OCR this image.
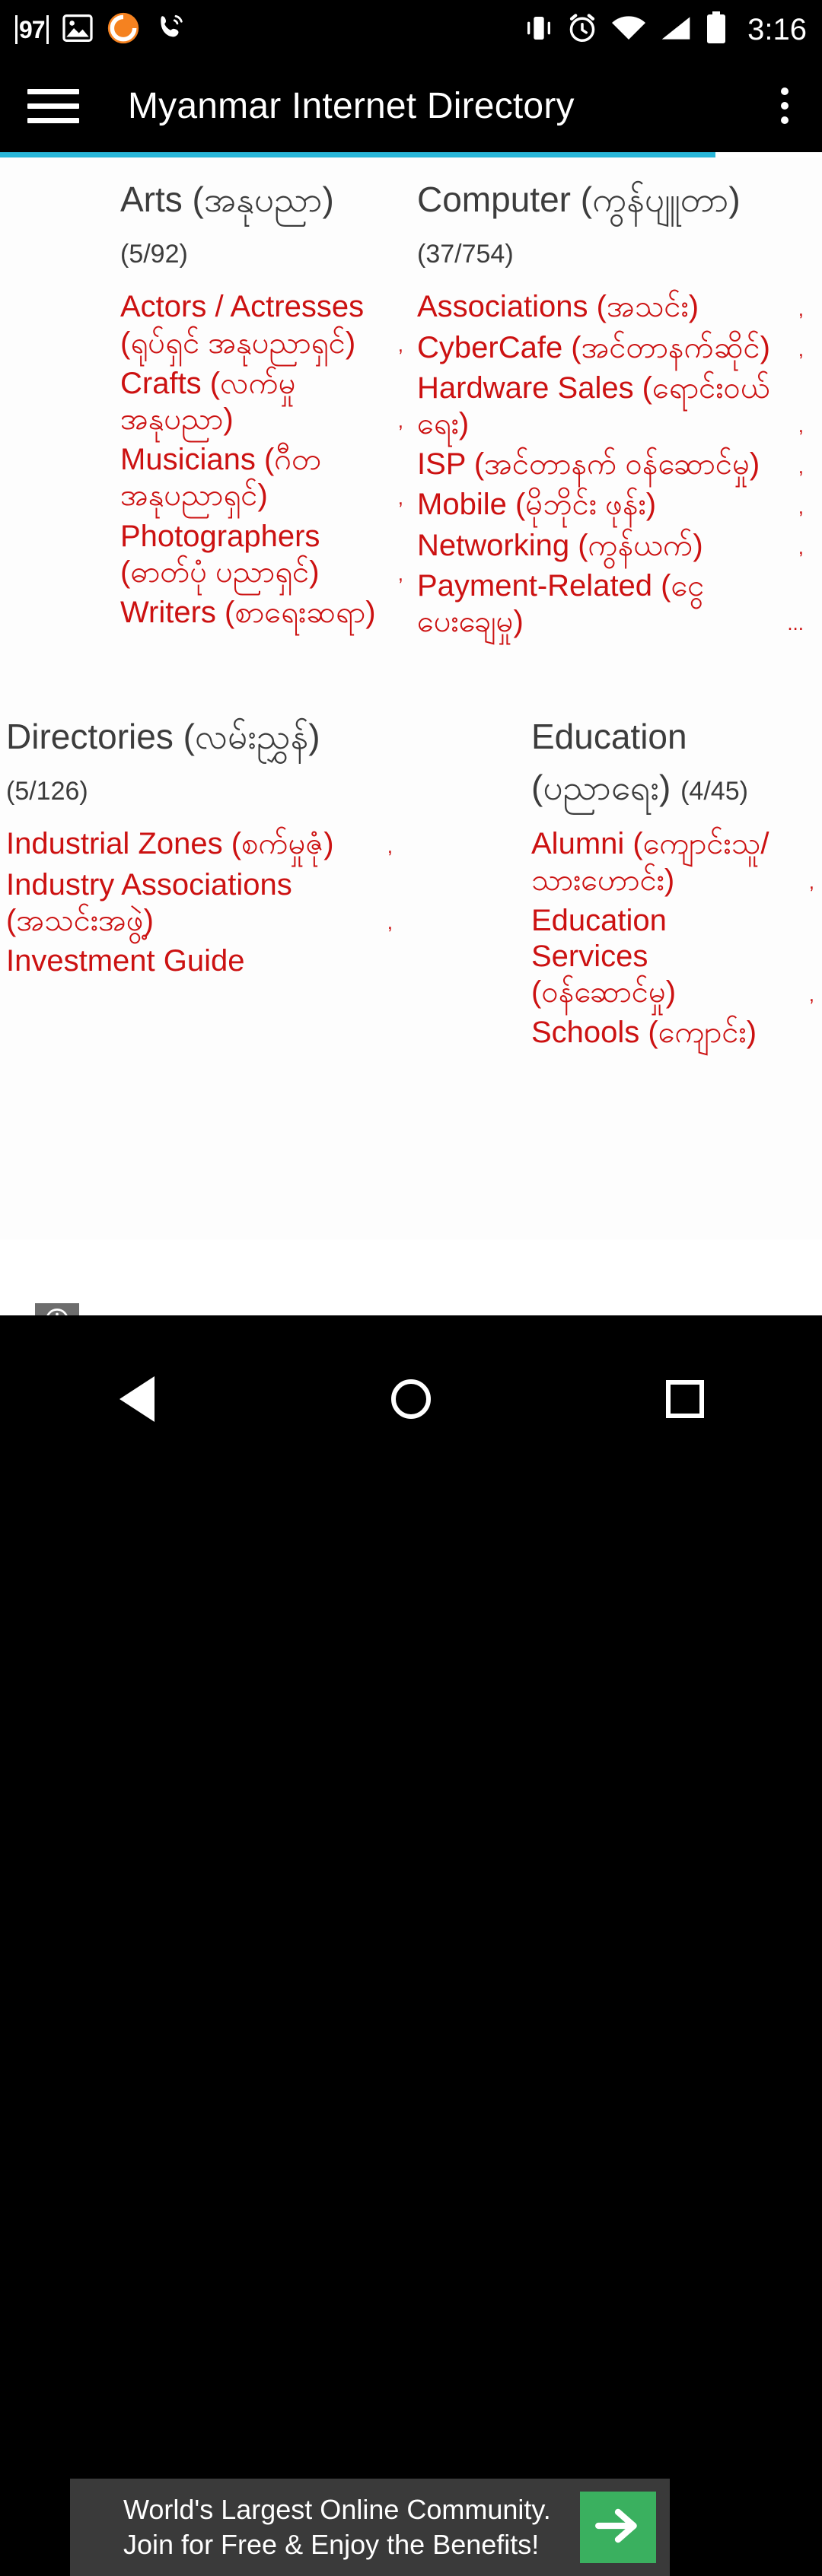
97	3:16
Myanmar Internet Directory
Arts (အနုပညာ) (5/92)
Actors / Actresses (ရုပ်ရှင် အနုပညာရှင်) ,
Crafts (လက်မှု အနုပညာ)	,
Musicians (ဂီတ အနုပညာရှင်)	,
Photographers (ဓာတ်ပုံ ပညာရှင်)	,
Writers (စာရေးဆရာ)
Computer (ကွန်ပျူတာ) (37/754)
Associations (အသင်း)	,
CyberCafe (အင်တာနက်ဆိုင်) ,
Hardware Sales (ရောင်းဝယ်ရေး)	,
ISP (အင်တာနက် ဝန်ဆောင်မှု) ,
Mobile (မိုဘိုင်း ဖုန်း)	,
Networking (ကွန်ယက်)	,
Payment-Related (ငွေပေးချေမှု)	...
Directories (လမ်းညွှန်) (5/126)
Industrial Zones (စက်မှုဇုံ)	,
Industry Associations (အသင်းအဖွဲ့)	,
Investment Guide
Education (ပညာရေး) (4/45)
Alumni (ကျောင်းသူ/ သားဟောင်း)	,
Education Services (ဝန်ဆောင်မှု)	,
Schools (ကျောင်း)
World's Largest Online Community.
Join for Free & Enjoy the Benefits!
